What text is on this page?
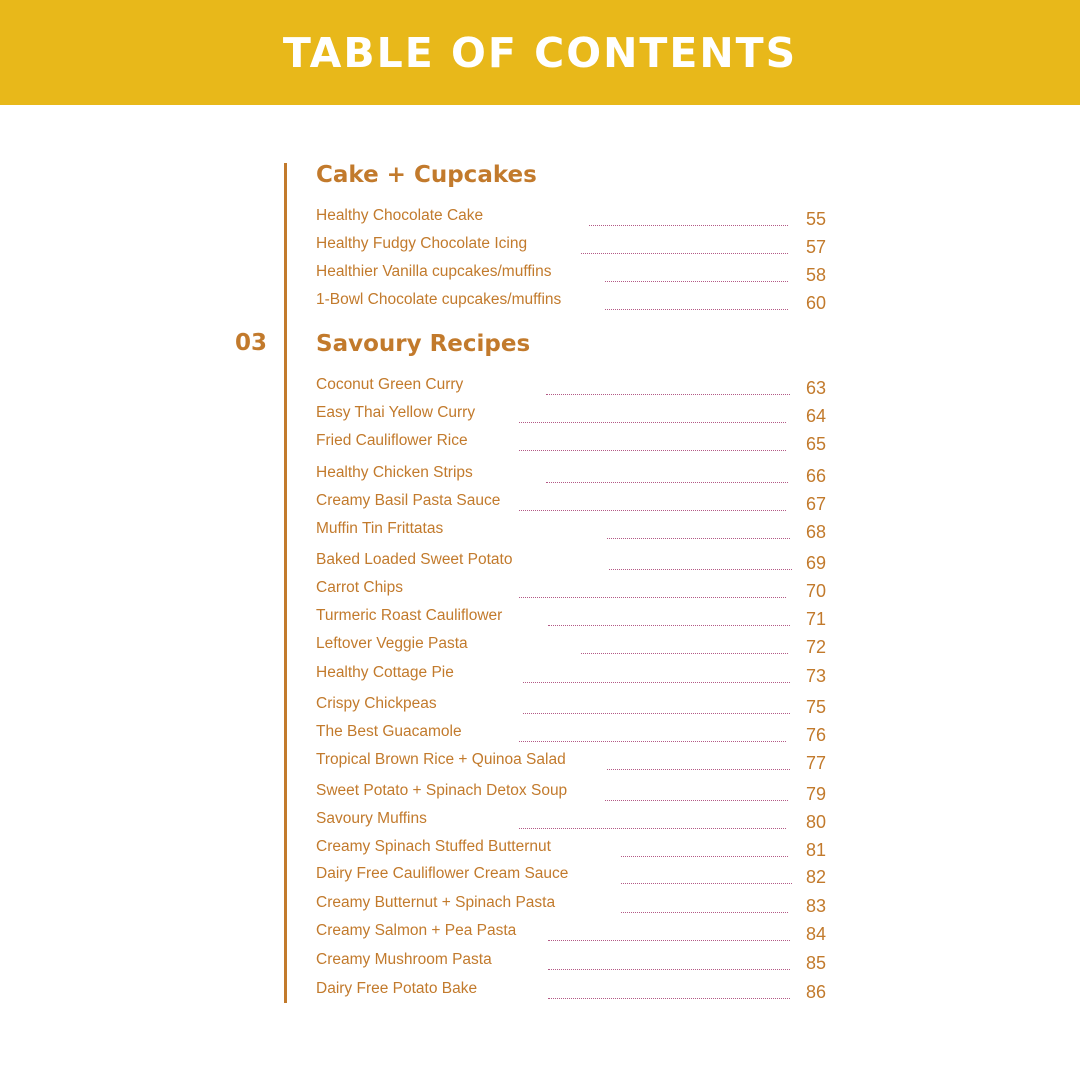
TABLE OF CONTENTS
Cake + Cupcakes
Healthy Chocolate Cake	55
Healthy Fudgy Chocolate Icing	57
Healthier Vanilla cupcakes/muffins	58
1-Bowl Chocolate cupcakes/muffins	60
03 Savoury Recipes
Coconut Green Curry	63
Easy Thai Yellow Curry	64
Fried Cauliflower Rice	65
Healthy Chicken Strips	66
Creamy Basil Pasta Sauce	67
Muffin Tin Frittatas	68
Baked Loaded Sweet Potato	69
Carrot Chips	70
Turmeric Roast Cauliflower	71
Leftover Veggie Pasta	72
Healthy Cottage Pie	73
Crispy Chickpeas	75
The Best Guacamole	76
Tropical Brown Rice + Quinoa Salad	77
Sweet Potato + Spinach Detox Soup	79
Savoury Muffins	80
Creamy Spinach Stuffed Butternut	81
Dairy Free Cauliflower Cream Sauce	82
Creamy Butternut + Spinach Pasta	83
Creamy Salmon + Pea Pasta	84
Creamy Mushroom Pasta	85
Dairy Free Potato Bake	86
